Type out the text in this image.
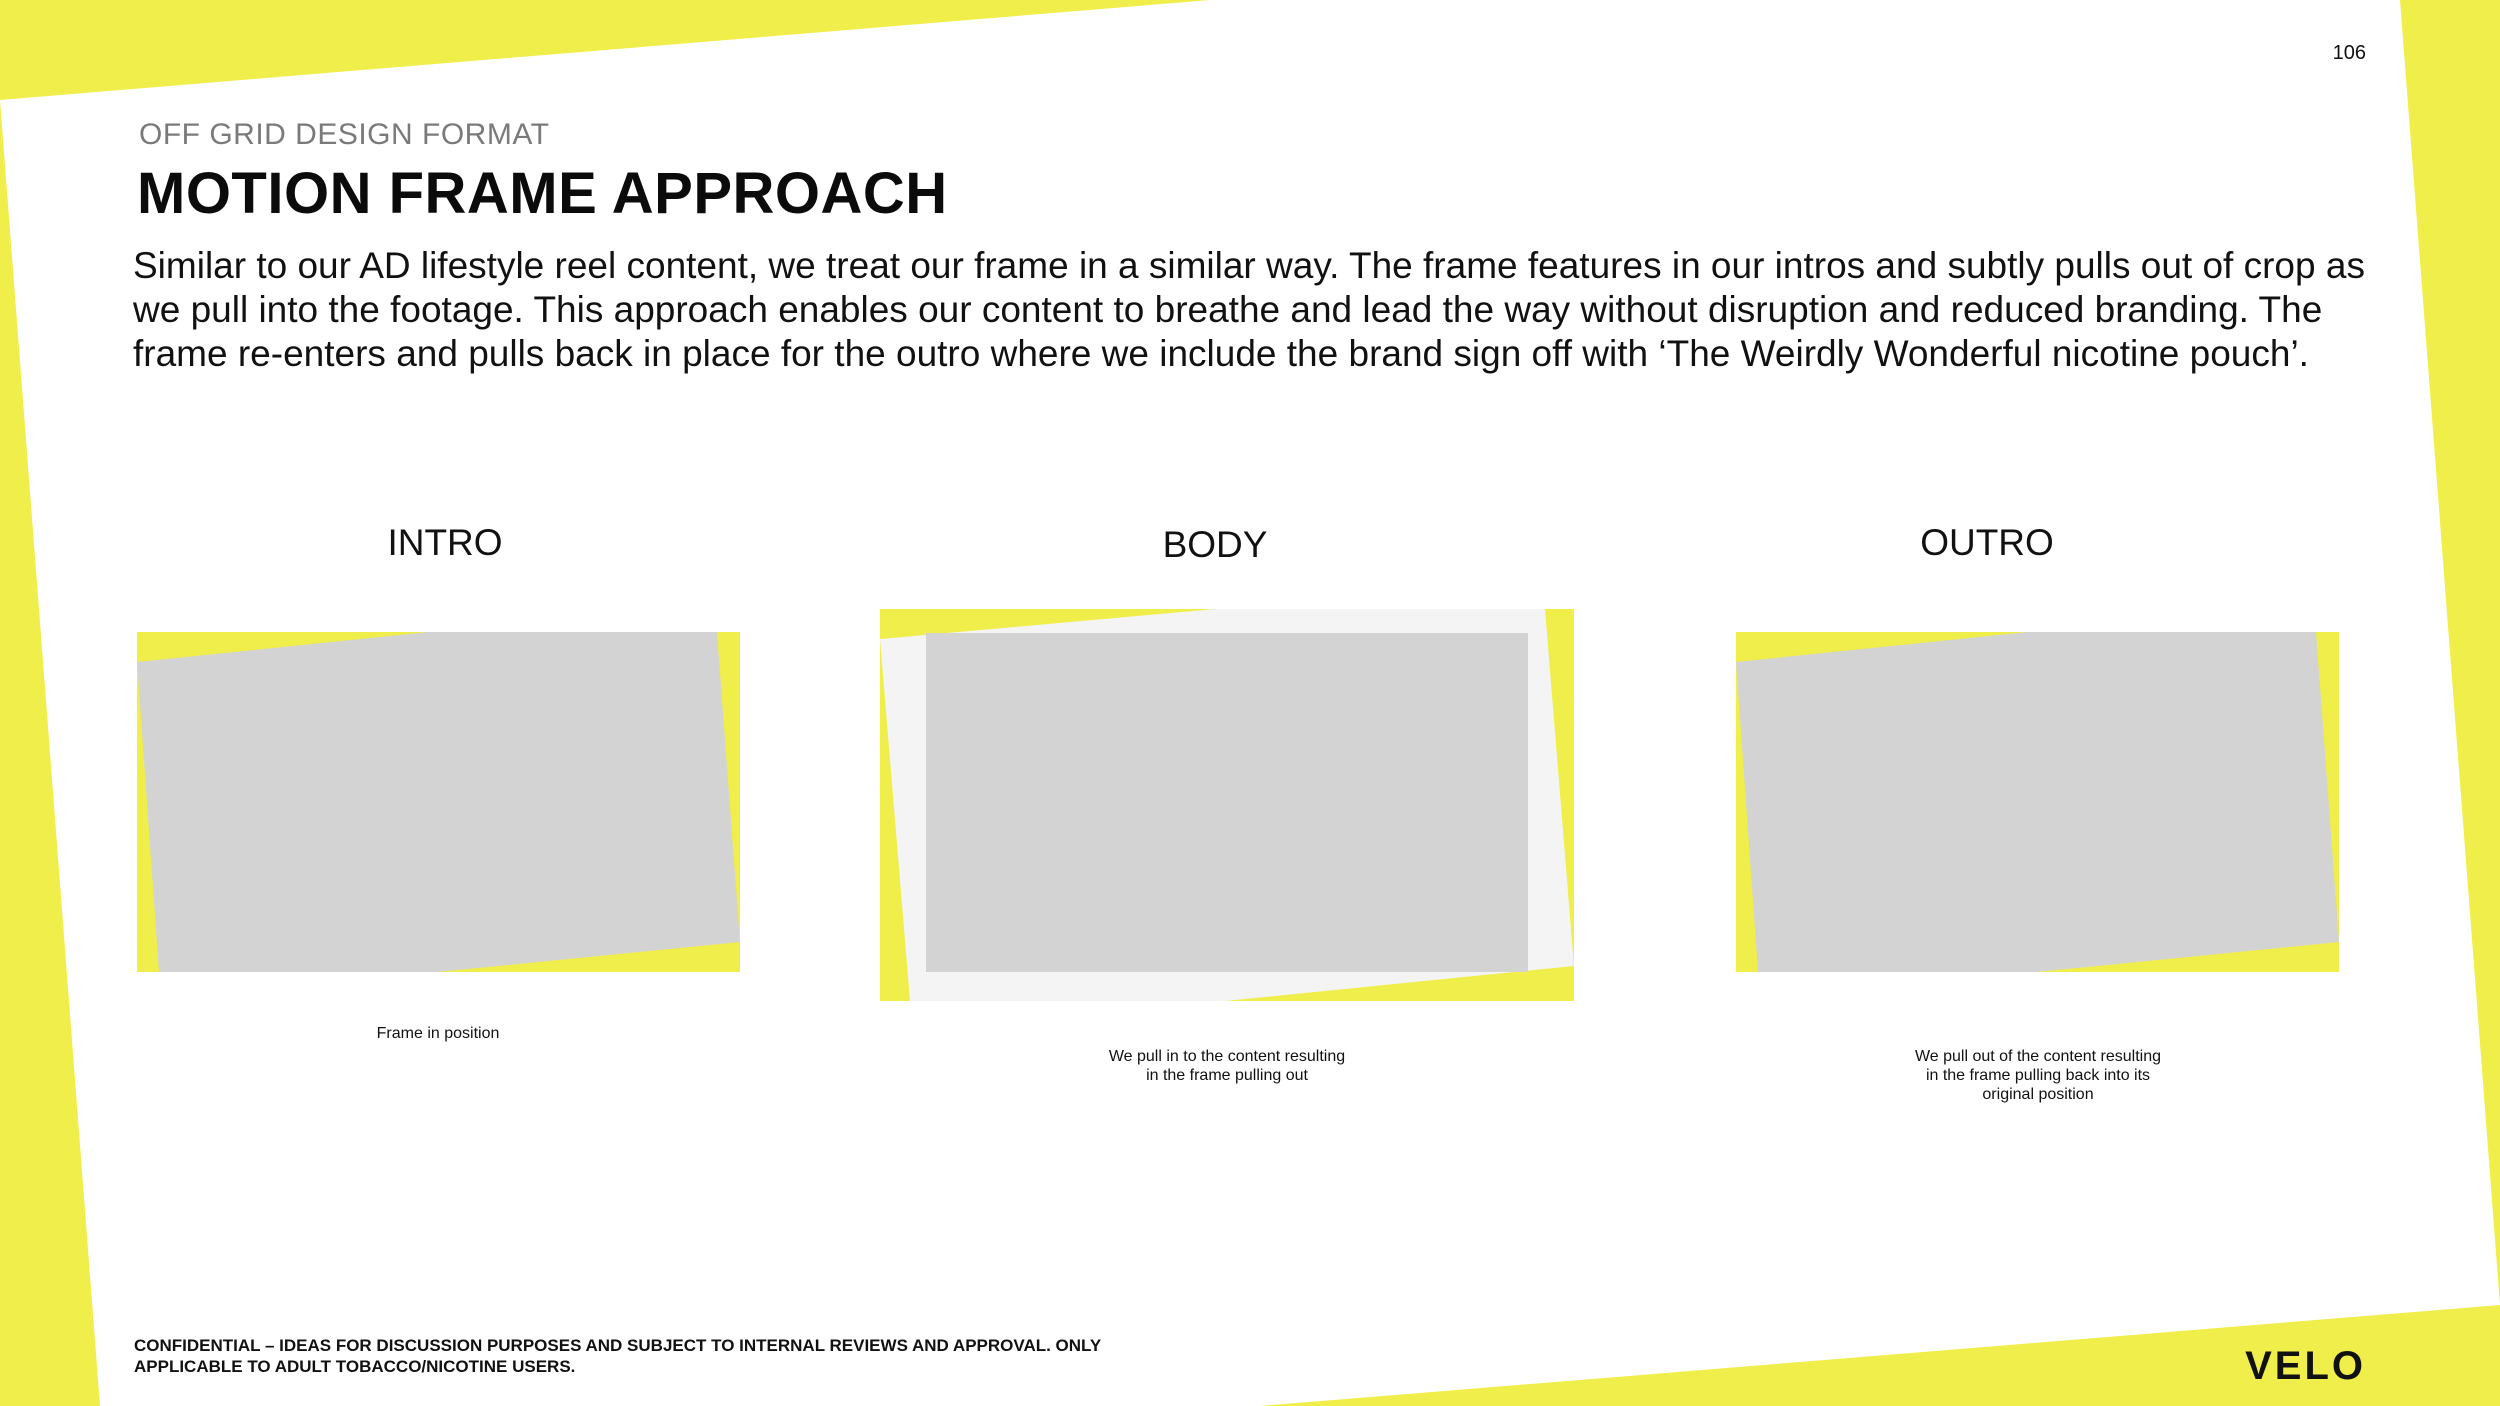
106
OFF GRID DESIGN FORMAT
MOTION FRAME APPROACH
Similar to our AD lifestyle reel content, we treat our frame in a similar way. The frame features in our intros and subtly pulls out of crop as we pull into the footage. This approach enables our content to breathe and lead the way without disruption and reduced branding. The frame re-enters and pulls back in place for the outro where we include the brand sign off with ‘The Weirdly Wonderful nicotine pouch’.
INTRO
Frame in position
BODY
We pull in to the content resulting
in the frame pulling out
OUTRO
We pull out of the content resulting
in the frame pulling back into its
original position
CONFIDENTIAL – IDEAS FOR DISCUSSION PURPOSES AND SUBJECT TO INTERNAL REVIEWS AND APPROVAL. ONLY APPLICABLE TO ADULT TOBACCO/NICOTINE USERS.	VELO
